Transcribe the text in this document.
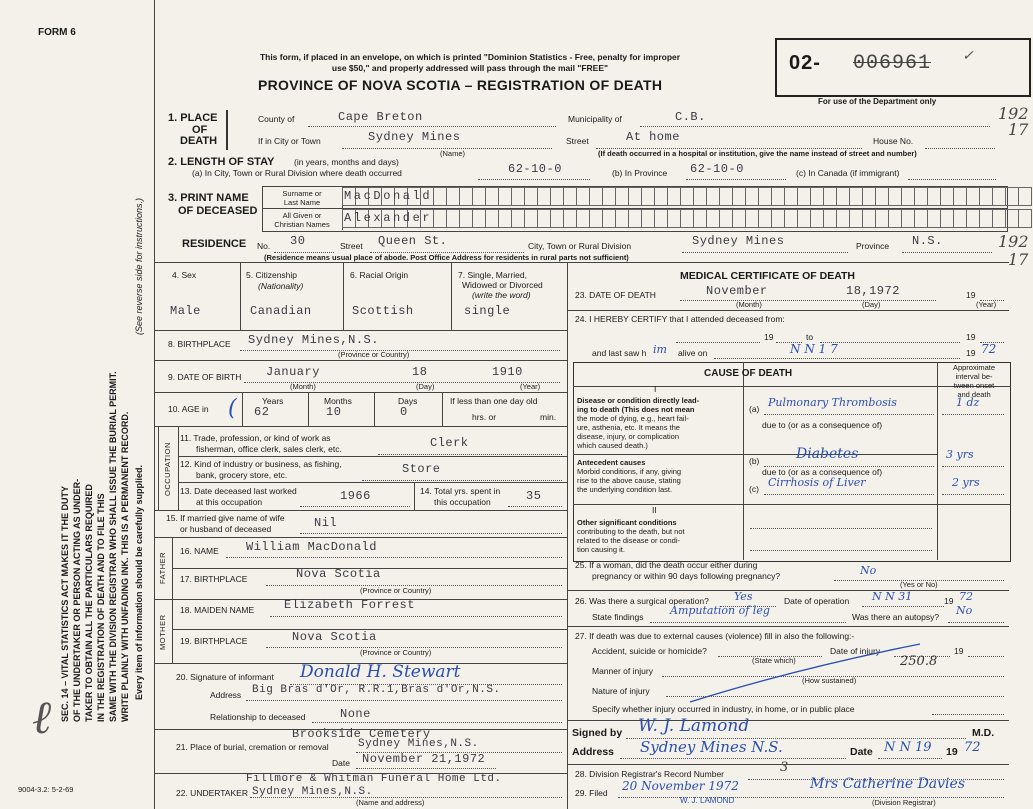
FORM 6
This form, if placed in an envelope, on which is printed "Dominion Statistics - Free, penalty for improper
use $50," and properly addressed will pass through the mail "FREE"
PROVINCE OF NOVA SCOTIA – REGISTRATION OF DEATH
02- 006961
For use of the Department only
192
17
192
17
SEC. 14 – VITAL STATISTICS ACT MAKES IT THE DUTY OF THE UNDERTAKER OR PERSON ACTING AS UNDER- TAKER TO OBTAIN ALL THE PARTICULARS REQUIRED IN THE REGISTRATION OF DEATH AND TO FILE THIS SAME WITH THE DIVISION REGISTRAR WHO SHALL ISSUE THE BURIAL PERMIT. WRITE PLAINLY WITH UNFADING INK. THIS IS A PERMANENT RECORD.
(See reverse side for instructions.)
Every item of information should be carefully supplied.
9004-3.2: 5-2-69
ℓ
1. PLACE
OF
DEATH
County of	Cape Breton	Municipality of	C.B.
If in City or Town	Sydney Mines
(Name)
Street	At home	House No.
(If death occurred in a hospital or institution, give the name instead of street and number)
2. LENGTH OF STAY (in years, months and days)
(a) In City, Town or Rural Division where death occurred	62-10-0	(b) In Province 62-10-0	(c) In Canada (if immigrant)
3. PRINT NAME
OF DECEASED
Surname or
Last Name
All Given or
Christian Names
MacDonald
Alexander
RESIDENCE No. 30	Street Queen St.	City, Town or Rural Division	Sydney Mines	Province N.S.
(Residence means usual place of abode. Post Office Address for residents in rural parts not sufficient)
4. Sex
Male
5. Citizenship
(Nationality)
Canadian
6. Racial Origin
Scottish
7. Single, Married,
Widowed or Divorced
(write the word)
single
8. BIRTHPLACE Sydney Mines,N.S.
(Province or Country)
9. DATE OF BIRTH January	18	1910
(Month)	(Day)	(Year)
10. AGE in (	Years	Months	Days
62	10	0
If less than one day old
hrs. or	min.
OCCUPATION
11. Trade, profession, or kind of work as
fisherman, office clerk, sales clerk, etc.	Clerk
12. Kind of industry or business, as fishing,
bank, grocery store, etc.	Store
13. Date deceased last worked
at this occupation	1966	14. Total yrs. spent in
this occupation	35
15. If married give name of wife
or husband of deceased	Nil
FATHER
16. NAME William MacDonald
17. BIRTHPLACE	Nova Scotia
(Province or Country)
MOTHER
18. MAIDEN NAME Elizabeth Forrest
19. BIRTHPLACE	Nova Scotia
(Province or Country)
20. Signature of informant Donald H. Stewart
Address Big Bras d'Or, R.R.1,Bras d'Or,N.S.
Relationship to deceased	None
Brookside Cemetery
21. Place of burial, cremation or removal	Sydney Mines,N.S.
Date November 21,1972
Fillmore & Whitman Funeral Home Ltd.
22. UNDERTAKER Sydney Mines,N.S.
(Name and address)
MEDICAL CERTIFICATE OF DEATH
23. DATE OF DEATH	November	18,1972	19
(Month)	(Day)	(Year)
24. I HEREBY CERTIFY that I attended deceased from:
19	to	19
and last saw h im alive on	N N 1 7	19 72
CAUSE OF DEATH
Approximate
interval be-
tween onset
and death
I
Disease or condition directly lead-
ing to death (This does not mean
the mode of dying, e.g., heart fail-
ure, asthenia, etc. It means the
disease, injury, or complication
which caused death.)
(a) Pulmonary Thrombosis	1 dz
due to (or as a consequence of)
Antecedent causes
Morbid conditions, if any, giving
rise to the above cause, stating
the underlying condition last.
(b)	Diabetes	3 yrs
due to (or as a consequence of)
(c) Cirrhosis of Liver	2 yrs
II
Other significant conditions
contributing to the death, but not
related to the disease or condi-
tion causing it.
25. If a woman, did the death occur either during
pregnancy or within 90 days following pregnancy?	No
(Yes or No)
26. Was there a surgical operation? Yes	Date of operation N N 31	19 72
State findings Amputation of leg	Was there an autopsy? No
27. If death was due to external causes (violence) fill in also the following:-
Accident, suicide or homicide?	Date of injury	19
(State which)
Manner of injury
250.8
(How sustained)
Nature of injury
Specify whether injury occurred in industry, in home, or in public place
Signed by W. J. Lamond	M.D.
Address Sydney Mines N.S.	Date N N 19 19 72
28. Division Registrar's Record Number	3
29. Filed 20 November 1972	Mrs Catherine Davies
W. J. LAMOND	(Division Registrar)
✓
